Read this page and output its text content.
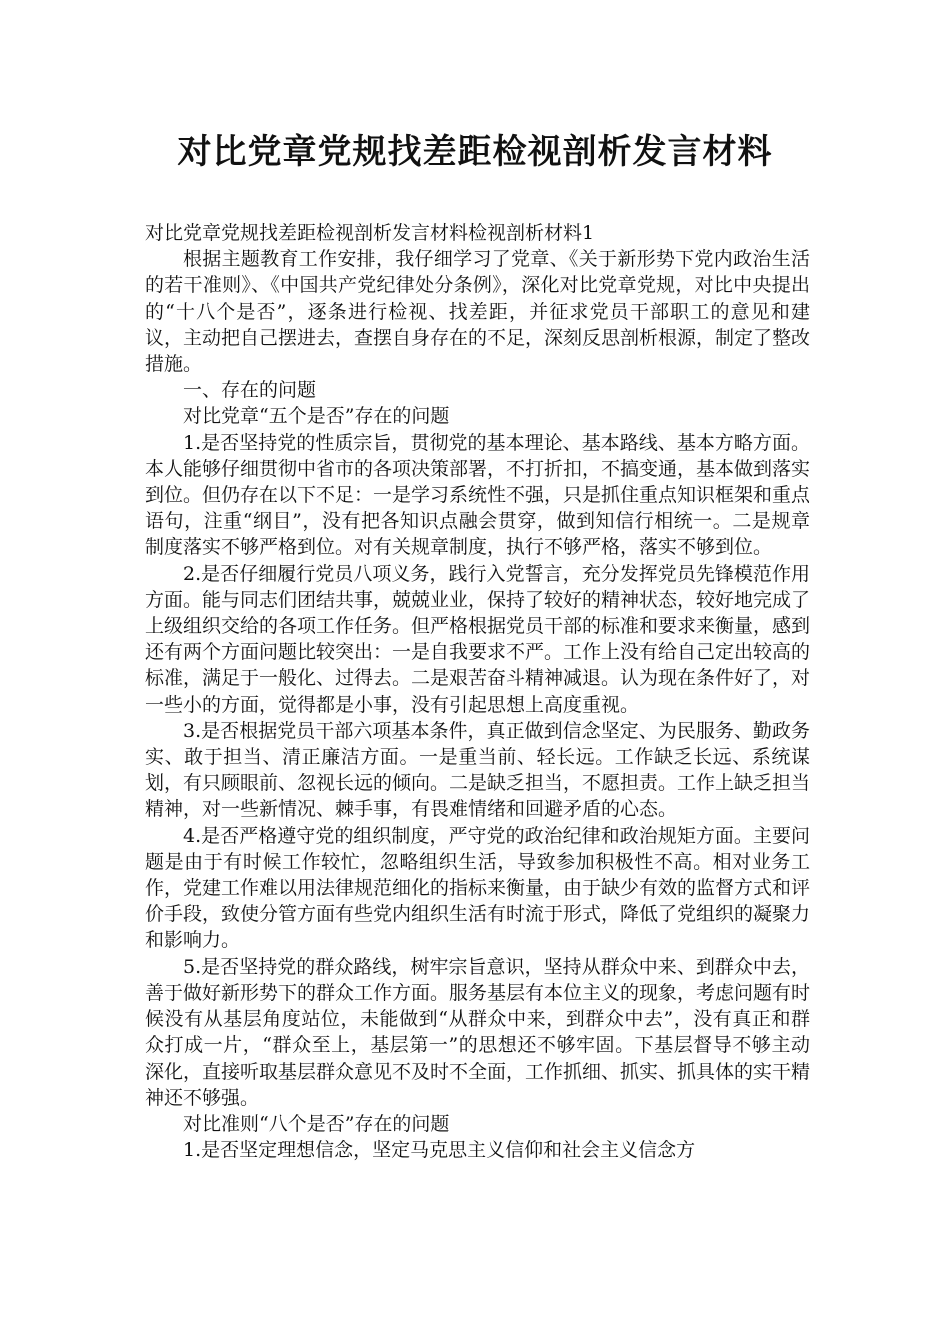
对比党章党规找差距检视剖析发言材料

对比党章党规找差距检视剖析发言材料检视剖析材料1

根据主题教育工作安排，我仔细学习了党章、《关于新形势下党内政治生活的若干准则》、《中国共产党纪律处分条例》，深化对比党章党规，对比中央提出的“十八个是否”，逐条进行检视、找差距，并征求党员干部职工的意见和建议，主动把自己摆进去，查摆自身存在的不足，深刻反思剖析根源，制定了整改措施。

一、存在的问题

对比党章“五个是否”存在的问题

1.是否坚持党的性质宗旨，贯彻党的基本理论、基本路线、基本方略方面。本人能够仔细贯彻中省市的各项决策部署，不打折扣，不搞变通，基本做到落实到位。但仍存在以下不足：一是学习系统性不强，只是抓住重点知识框架和重点语句，注重“纲目”，没有把各知识点融会贯穿，做到知信行相统一。二是规章制度落实不够严格到位。对有关规章制度，执行不够严格，落实不够到位。

2.是否仔细履行党员八项义务，践行入党誓言，充分发挥党员先锋模范作用方面。能与同志们团结共事，兢兢业业，保持了较好的精神状态，较好地完成了上级组织交给的各项工作任务。但严格根据党员干部的标准和要求来衡量，感到还有两个方面问题比较突出：一是自我要求不严。工作上没有给自己定出较高的标准，满足于一般化、过得去。二是艰苦奋斗精神减退。认为现在条件好了，对一些小的方面，觉得都是小事，没有引起思想上高度重视。

3.是否根据党员干部六项基本条件，真正做到信念坚定、为民服务、勤政务实、敢于担当、清正廉洁方面。一是重当前、轻长远。工作缺乏长远、系统谋划，有只顾眼前、忽视长远的倾向。二是缺乏担当，不愿担责。工作上缺乏担当精神，对一些新情况、棘手事，有畏难情绪和回避矛盾的心态。

4.是否严格遵守党的组织制度，严守党的政治纪律和政治规矩方面。主要问题是由于有时候工作较忙，忽略组织生活，导致参加积极性不高。相对业务工作，党建工作难以用法律规范细化的指标来衡量，由于缺少有效的监督方式和评价手段，致使分管方面有些党内组织生活有时流于形式，降低了党组织的凝聚力和影响力。

5.是否坚持党的群众路线，树牢宗旨意识，坚持从群众中来、到群众中去，善于做好新形势下的群众工作方面。服务基层有本位主义的现象，考虑问题有时候没有从基层角度站位，未能做到“从群众中来，到群众中去”，没有真正和群众打成一片，“群众至上，基层第一”的思想还不够牢固。下基层督导不够主动深化，直接听取基层群众意见不及时不全面，工作抓细、抓实、抓具体的实干精神还不够强。

对比准则“八个是否”存在的问题

1.是否坚定理想信念，坚定马克思主义信仰和社会主义信念方
